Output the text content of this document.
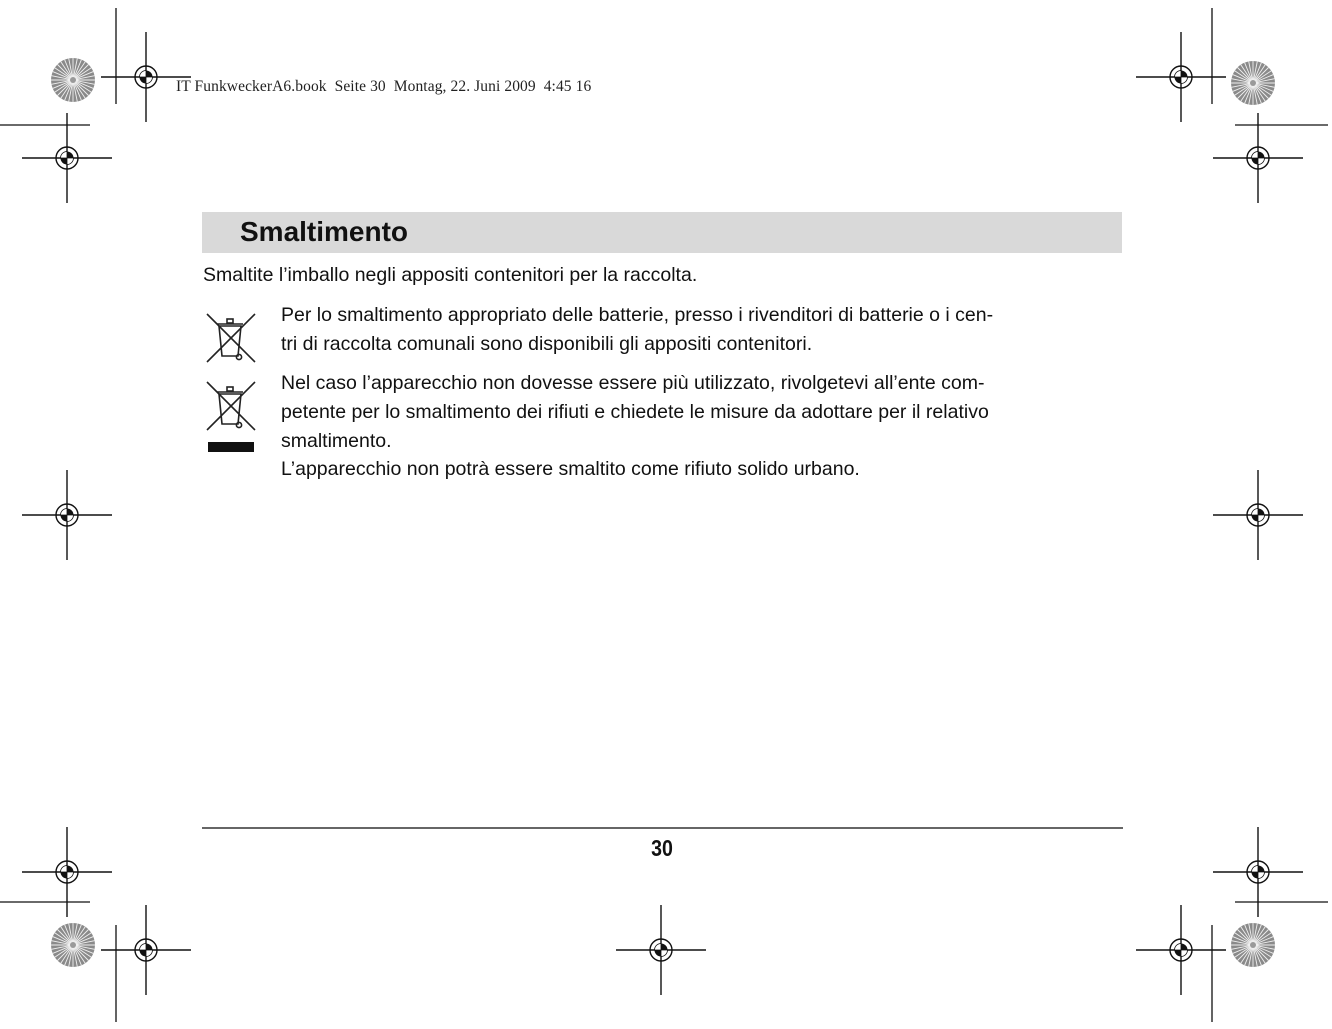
IT FunkweckerA6.book  Seite 30  Montag, 22. Juni 2009  4:45 16
Smaltimento
Smaltite l’imballo negli appositi contenitori per la raccolta.
Per lo smaltimento appropriato delle batterie, presso i rivenditori di batterie o i cen-
tri di raccolta comunali sono disponibili gli appositi contenitori.
Nel caso l’apparecchio non dovesse essere più utilizzato, rivolgetevi all’ente com-
petente per lo smaltimento dei rifiuti e chiedete le misure da adottare per il relativo
smaltimento.
L’apparecchio non potrà essere smaltito come rifiuto solido urbano.
30
